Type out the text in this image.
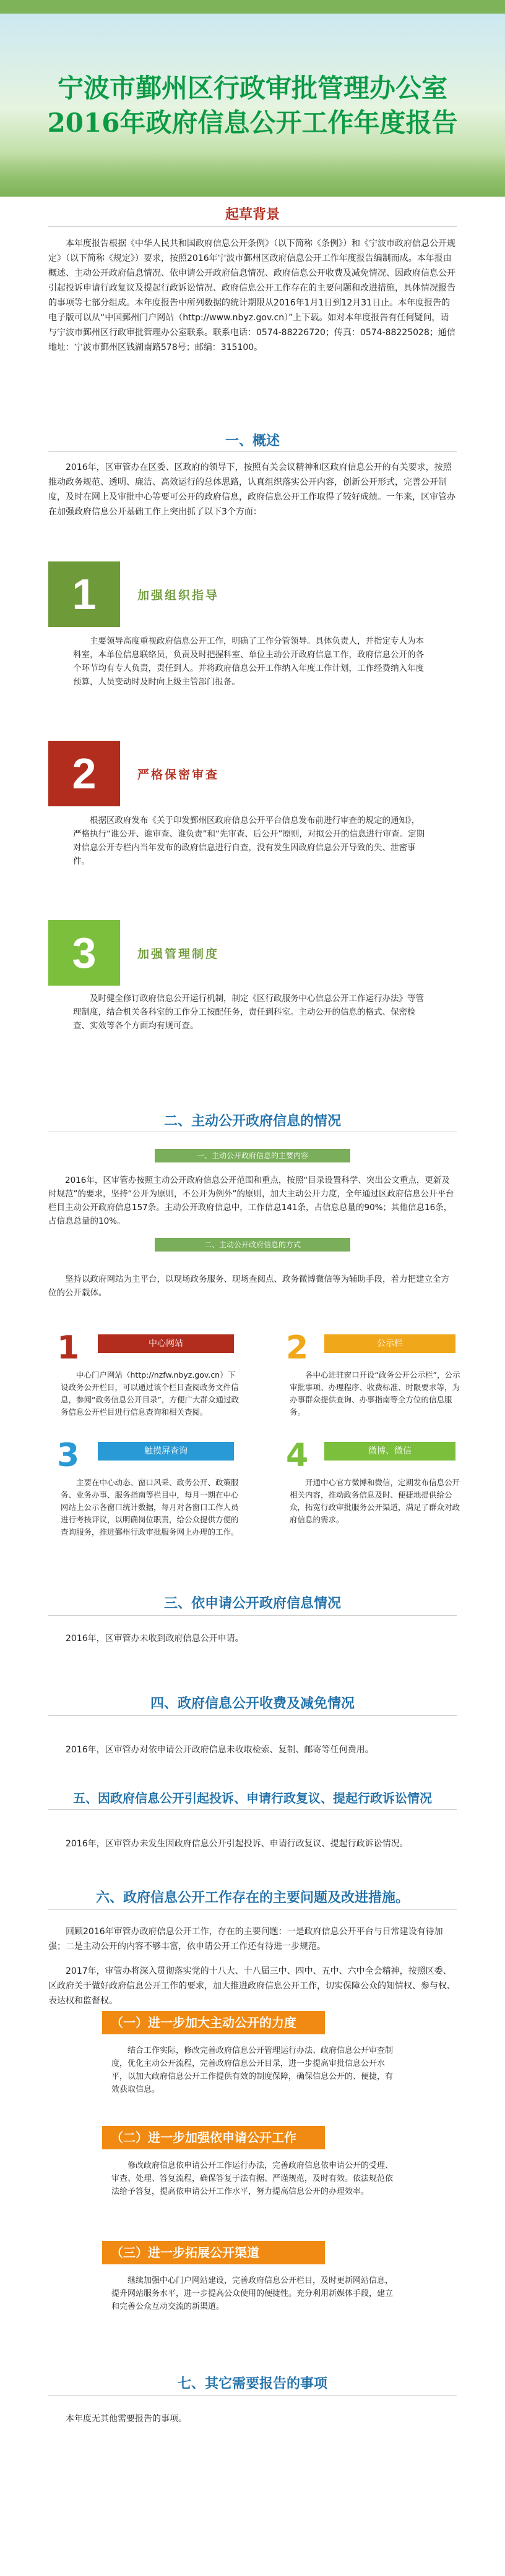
宁波市鄞州区行政审批管理办公室
2016年政府信息公开工作年度报告
起草背景

本年度报告根据《中华人民共和国政府信息公开条例》（以下简称《条例》）和《宁波市政府信息公开规定》（以下简称《规定》）要求，按照2016年宁波市鄞州区政府信息公开工作年度报告编制而成。本年报由概述、主动公开政府信息情况、依申请公开政府信息情况、政府信息公开收费及减免情况、因政府信息公开引起投诉申请行政复议及提起行政诉讼情况、政府信息公开工作存在的主要问题和改进措施，具体情况报告的事项等七部分组成。本年度报告中所列数据的统计期限从2016年1月1日到12月31日止。本年度报告的电子版可以从“中国鄞州门户网站（http://www.nbyz.gov.cn）”上下载。如对本年度报告有任何疑问，请与宁波市鄞州区行政审批管理办公室联系。联系电话：0574-88226720；传真：0574-88225028；通信地址：宁波市鄞州区钱湖南路578号；邮编：315100。

一、概述

2016年，区审管办在区委、区政府的领导下，按照有关会议精神和区政府信息公开的有关要求，按照推动政务规范、透明、廉洁、高效运行的总体思路，认真组织落实公开内容，创新公开形式，完善公开制度，及时在网上及审批中心等要可公开的政府信息，政府信息公开工作取得了较好成绩。一年来，区审管办在加强政府信息公开基础工作上突出抓了以下3个方面：

1	加强组织指导

主要领导高度重视政府信息公开工作，明确了工作分管领导。具体负责人，并指定专人为本科室，本单位信息联络员，负责及时把握科室、单位主动公开政府信息工作，政府信息公开的各个环节均有专人负责，责任到人。并将政府信息公开工作纳入年度工作计划，工作经费纳入年度预算，人员变动时及时向上级主管部门报备。

2	严格保密审查

根据区政府发布《关于印发鄞州区政府信息公开平台信息发布前进行审查的规定的通知》，严格执行“谁公开、谁审查、谁负责”和“先审查、后公开”原则，对拟公开的信息进行审查。定期对信息公开专栏内当年发布的政府信息进行自查，没有发生因政府信息公开导致的失、泄密事件。

3	加强管理制度

及时健全修订政府信息公开运行机制，制定《区行政服务中心信息公开工作运行办法》等管理制度，结合机关各科室的工作分工按配任务，责任到科室。主动公开的信息的格式、保密检查、实效等各个方面均有规可查。

二、主动公开政府信息的情况
一、主动公开政府信息的主要内容

2016年，区审管办按照主动公开政府信息公开范围和重点，按照“目录设置科学、突出公文重点，更新及时规范”的要求，坚持“公开为原则，不公开为例外”的原则，加大主动公开力度，全年通过区政府信息公开平台栏目主动公开政府信息157条。主动公开政府信息中，工作信息141条，占信息总量的90%；其他信息16条，占信息总量的10%。

二、主动公开政府信息的方式

坚持以政府网站为主平台，以现场政务服务、现场查阅点、政务微博微信等为辅助手段，着力把建立全方位的公开载体。

1	中心网站
中心门户网站（http://nzfw.nbyz.gov.cn）下设政务公开栏目，可以通过该个栏目查阅政务文件信息，参阅“政务信息公开目录”，方便广大群众通过政务信息公开栏目进行信息查询和相关查阅。
2	公示栏
各中心进驻窗口开设“政务公开公示栏”，公示审批事项、办理程序、收费标准、时限要求等，为办事群众提供查询、办事指南等全方位的信息服务。
3	触摸屏查询
主要在中心动态、窗口风采、政务公开、政策服务、业务办事、服务指南等栏目中，每月一期在中心网站上公示各窗口统计数据，每月对各窗口工作人员进行考核评议，以明确岗位职责，给公众提供方便的查询服务，推进鄞州行政审批服务网上办理的工作。
4	微博、微信
开通中心官方微博和微信，定期发布信息公开相关内容，推动政务信息及时、便捷地提供给公众，拓宽行政审批服务公开渠道，满足了群众对政府信息的需求。
三、依申请公开政府信息情况

2016年，区审管办未收到政府信息公开申请。

四、政府信息公开收费及减免情况

2016年，区审管办对依申请公开政府信息未收取检索、复制、邮寄等任何费用。

五、因政府信息公开引起投诉、申请行政复议、提起行政诉讼情况

2016年，区审管办未发生因政府信息公开引起投诉、申请行政复议、提起行政诉讼情况。

六、政府信息公开工作存在的主要问题及改进措施。

回顾2016年审管办政府信息公开工作，存在的主要问题：一是政府信息公开平台与日常建设有待加强；二是主动公开的内容不够丰富，依申请公开工作还有待进一步规范。

2017年，审管办将深入贯彻落实党的十八大、十八届三中、四中、五中、六中全会精神，按照区委、区政府关于做好政府信息公开工作的要求，加大推进政府信息公开工作，切实保障公众的知情权、参与权、表达权和监督权。

（一）进一步加大主动公开的力度

结合工作实际，修改完善政府信息公开管理运行办法、政府信息公开审查制度，优化主动公开流程，完善政府信息公开目录，进一步提高审批信息公开水平，以加大政府信息公开工作提供有效的制度保障，确保信息公开的、便捷，有效获取信息。

（二）进一步加强依申请公开工作

修改政府信息依申请公开工作运行办法，完善政府信息依申请公开的受理、审查、处理、答复流程，确保答复于法有据、严谨规范，及时有效。依法规范依法给予答复，提高依申请公开工作水平，努力提高信息公开的办理效率。

（三）进一步拓展公开渠道

继续加强中心门户网站建设，完善政府信息公开栏目，及时更新网站信息，提升网站服务水平，进一步提高公众使用的便捷性。充分利用新媒体手段，建立和完善公众互动交流的新渠道。

七、其它需要报告的事项

本年度无其他需要报告的事项。
